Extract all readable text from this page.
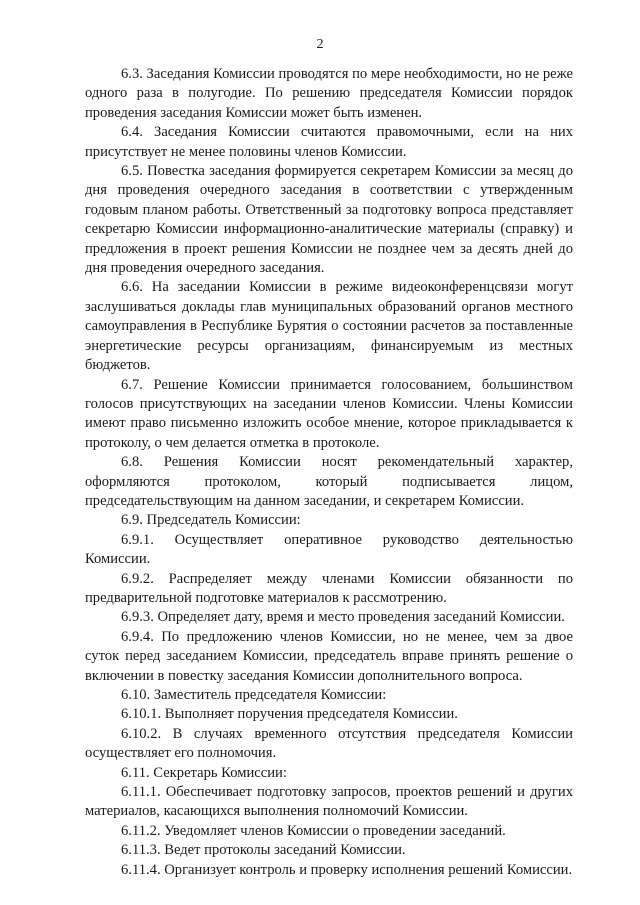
2

6.3. Заседания Комиссии проводятся по мере необходимости, но не реже одного раза в полугодие. По решению председателя Комиссии порядок проведения заседания Комиссии может быть изменен.

6.4. Заседания Комиссии считаются правомочными, если на них присутствует не менее половины членов Комиссии.

6.5. Повестка заседания формируется секретарем Комиссии за месяц до дня проведения очередного заседания в соответствии с утвержденным годовым планом работы. Ответственный за подготовку вопроса представляет секретарю Комиссии информационно-аналитические материалы (справку) и предложения в проект решения Комиссии не позднее чем за десять дней до дня проведения очередного заседания.

6.6. На заседании Комиссии в режиме видеоконференцсвязи могут заслушиваться доклады глав муниципальных образований органов местного самоуправления в Республике Бурятия о состоянии расчетов за поставленные энергетические ресурсы организациям, финансируемым из местных бюджетов.

6.7. Решение Комиссии принимается голосованием, большинством голосов присутствующих на заседании членов Комиссии. Члены Комиссии имеют право письменно изложить особое мнение, которое прикладывается к протоколу, о чем делается отметка в протоколе.

6.8. Решения Комиссии носят рекомендательный характер, оформляются протоколом, который подписывается лицом, председательствующим на данном заседании, и секретарем Комиссии.

6.9. Председатель Комиссии:

6.9.1. Осуществляет оперативное руководство деятельностью Комиссии.

6.9.2. Распределяет между членами Комиссии обязанности по предварительной подготовке материалов к рассмотрению.

6.9.3. Определяет дату, время и место проведения заседаний Комиссии.

6.9.4. По предложению членов Комиссии, но не менее, чем за двое суток перед заседанием Комиссии, председатель вправе принять решение о включении в повестку заседания Комиссии дополнительного вопроса.

6.10. Заместитель председателя Комиссии:

6.10.1. Выполняет поручения председателя Комиссии.

6.10.2. В случаях временного отсутствия председателя Комиссии осуществляет его полномочия.

6.11. Секретарь Комиссии:

6.11.1. Обеспечивает подготовку запросов, проектов решений и других материалов, касающихся выполнения полномочий Комиссии.

6.11.2. Уведомляет членов Комиссии о проведении заседаний.

6.11.3. Ведет протоколы заседаний Комиссии.

6.11.4. Организует контроль и проверку исполнения решений Комиссии.
